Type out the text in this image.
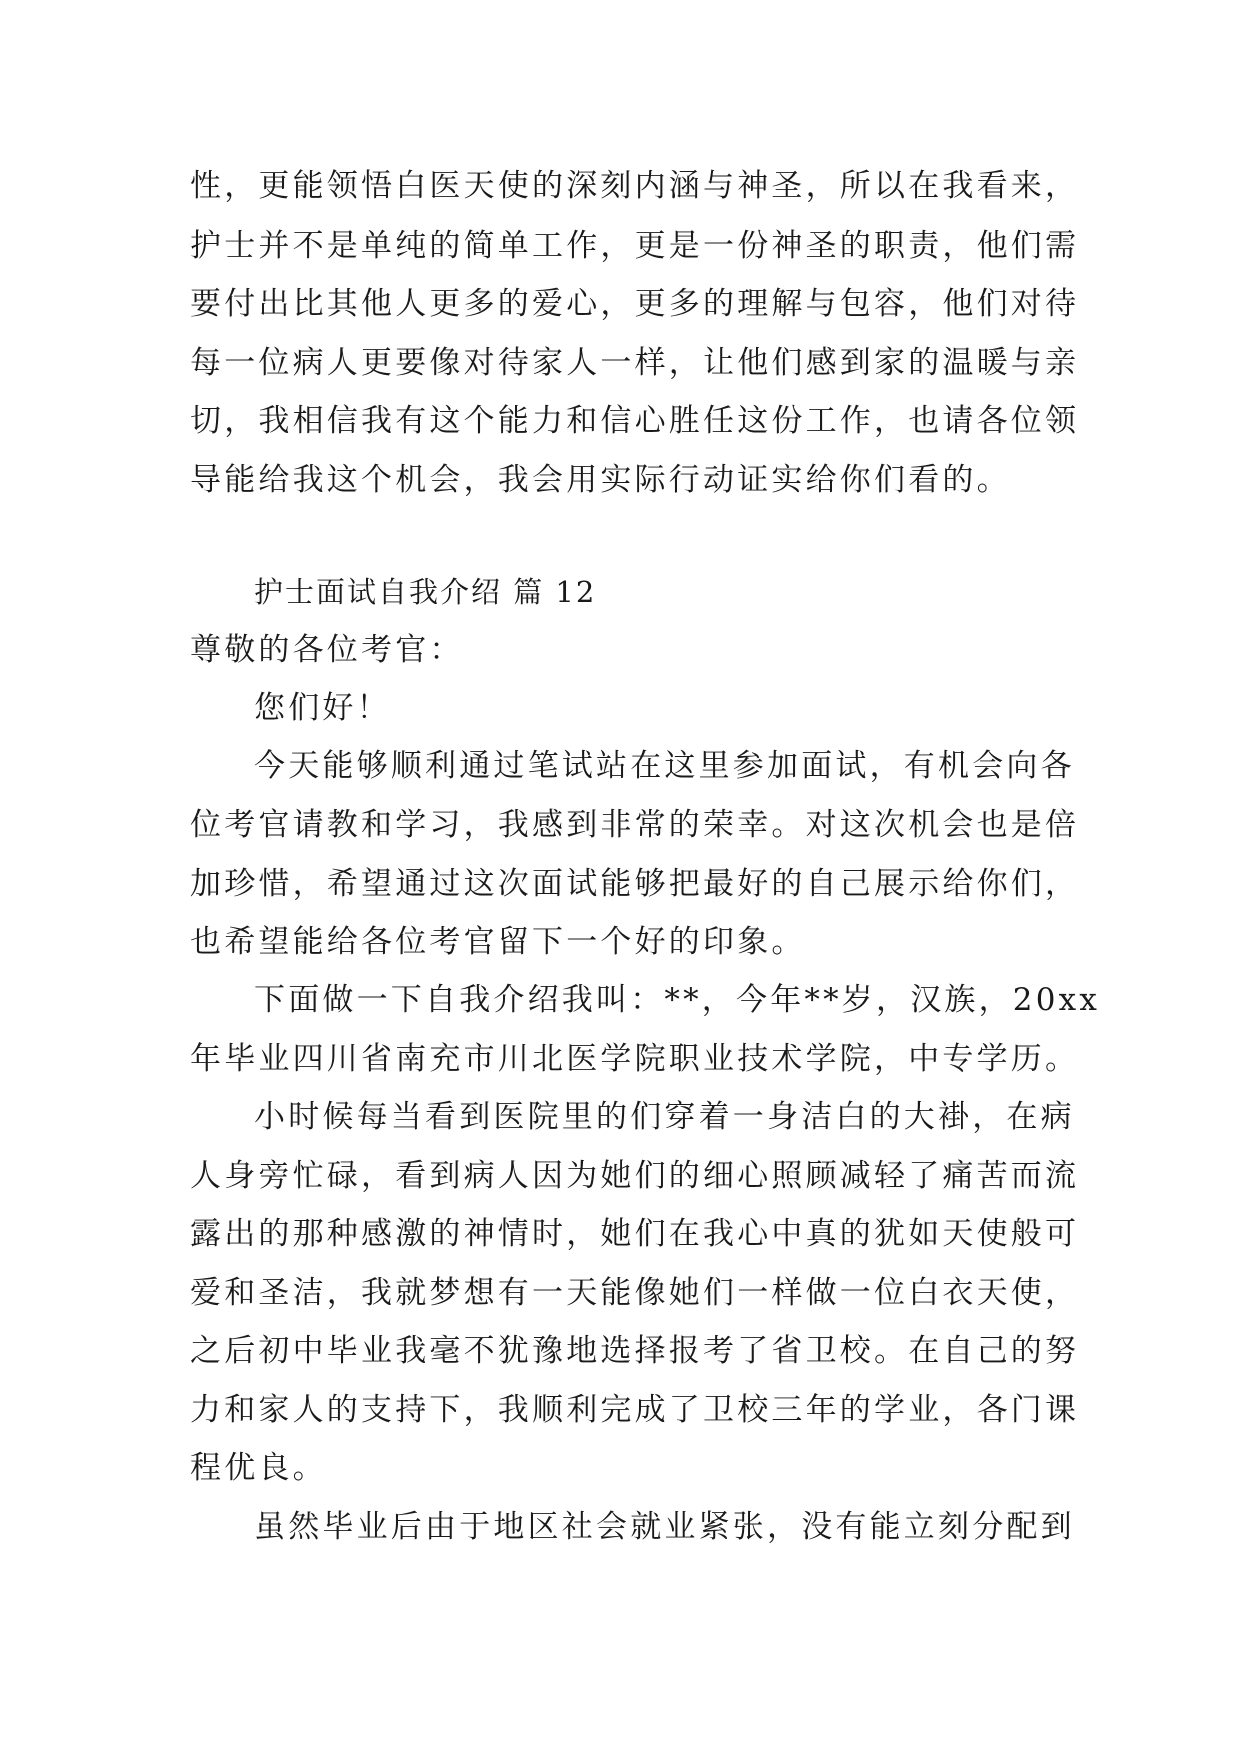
性，更能领悟白医天使的深刻内涵与神圣，所以在我看来，

护士并不是单纯的简单工作，更是一份神圣的职责，他们需

要付出比其他人更多的爱心，更多的理解与包容，他们对待

每一位病人更要像对待家人一样，让他们感到家的温暖与亲

切，我相信我有这个能力和信心胜任这份工作，也请各位领

导能给我这个机会，我会用实际行动证实给你们看的。

护士面试自我介绍 篇 12

尊敬的各位考官：

您们好！

今天能够顺利通过笔试站在这里参加面试，有机会向各

位考官请教和学习，我感到非常的荣幸。对这次机会也是倍

加珍惜，希望通过这次面试能够把最好的自己展示给你们，

也希望能给各位考官留下一个好的印象。

下面做一下自我介绍我叫：**，今年**岁，汉族，20xx

年毕业四川省南充市川北医学院职业技术学院，中专学历。

小时候每当看到医院里的们穿着一身洁白的大褂，在病

人身旁忙碌，看到病人因为她们的细心照顾减轻了痛苦而流

露出的那种感激的神情时，她们在我心中真的犹如天使般可

爱和圣洁，我就梦想有一天能像她们一样做一位白衣天使，

之后初中毕业我毫不犹豫地选择报考了省卫校。在自己的努

力和家人的支持下，我顺利完成了卫校三年的学业，各门课

程优良。

虽然毕业后由于地区社会就业紧张，没有能立刻分配到
